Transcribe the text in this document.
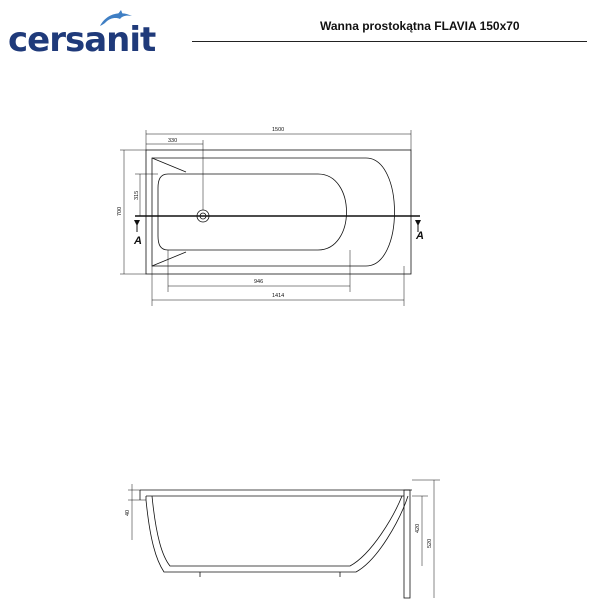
cersanit	Wanna prostokątna FLAVIA 150x70
1500
330
700
315
946
1414
A	A
40
420
520
